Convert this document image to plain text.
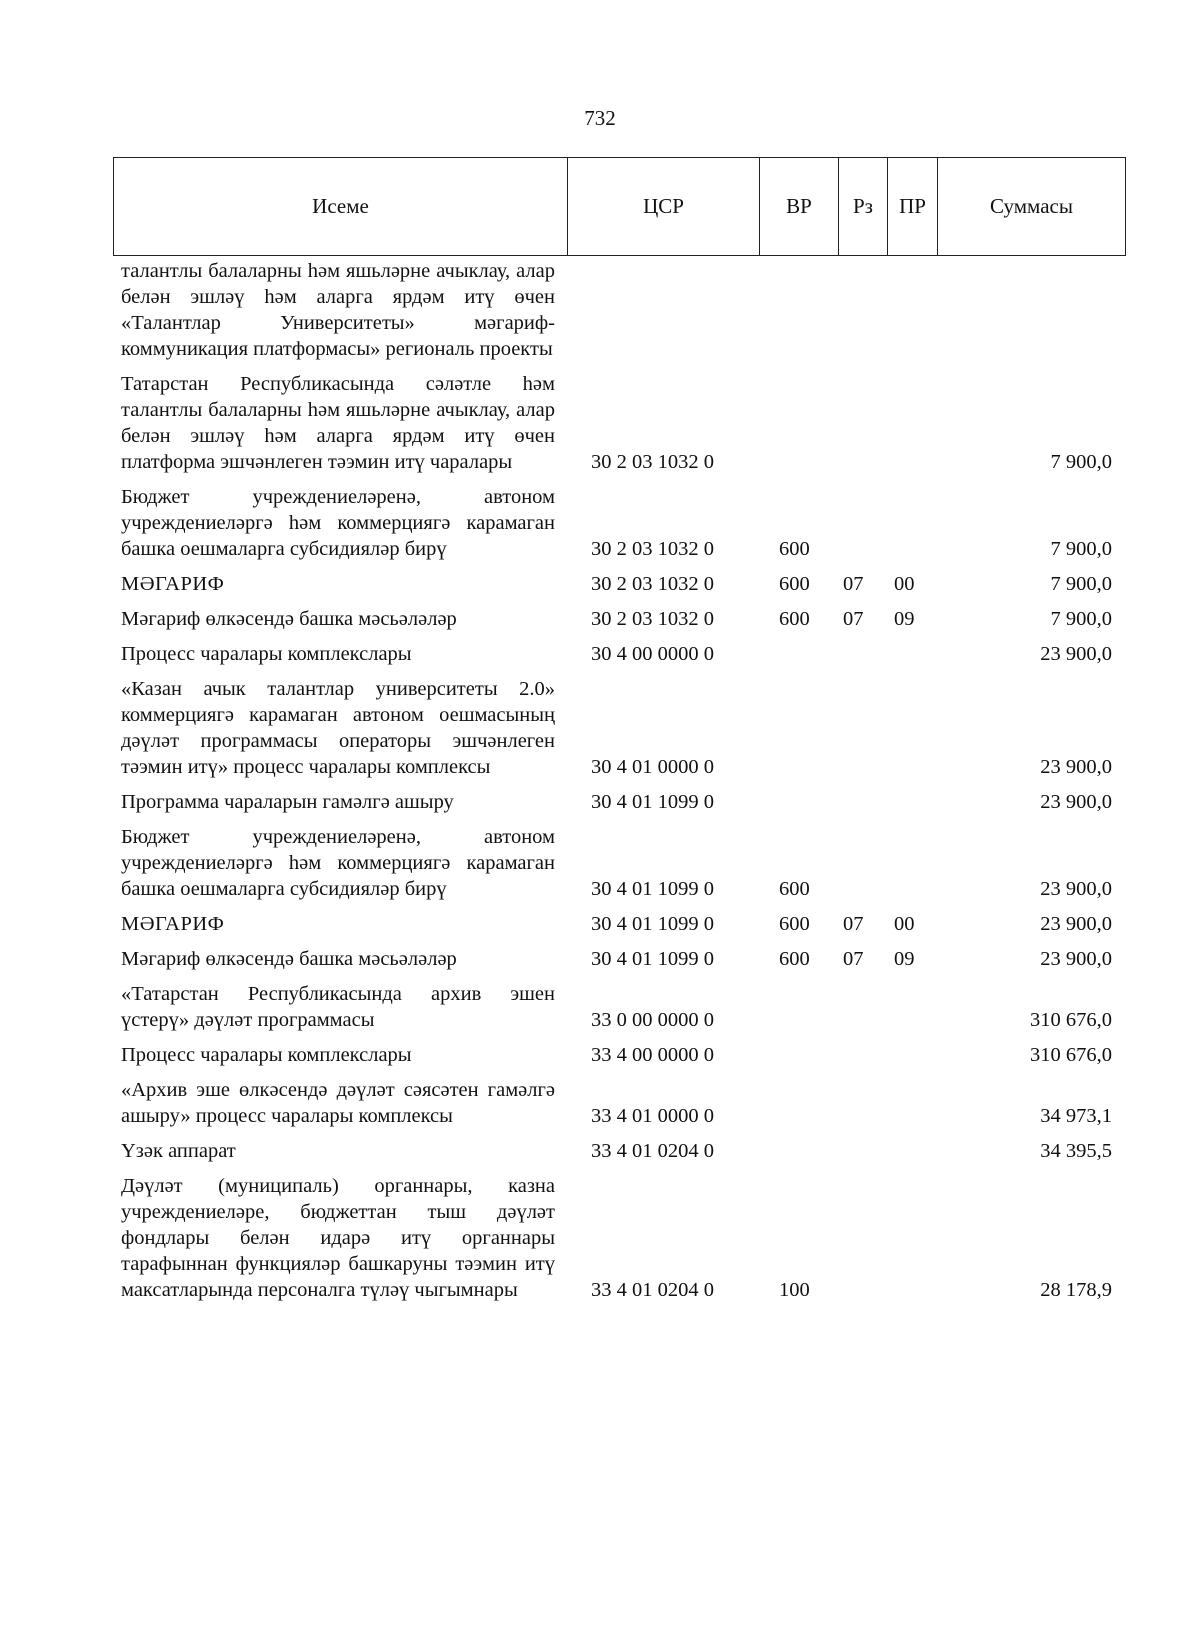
732
Исеме	ЦСР	ВР	Рз	ПР	Суммасы
талантлы балаларны һәм яшьләрне ачыклау, алар белән эшләү һәм аларга ярдәм итү өчен «Талантлар Университеты» мәгариф-коммуникация платформасы» региональ проекты
Татарстан Республикасында сәләтле һәм талантлы балаларны һәм яшьләрне ачыклау, алар белән эшләү һәм аларга ярдәм итү өчен платформа эшчәнлеген тәэмин итү чаралары	30 2 03 1032 0	7 900,0
Бюджет учреждениеләренә, автоном учреждениеләргә һәм коммерциягә карамаган башка оешмаларга субсидияләр бирү	30 2 03 1032 0	600	7 900,0
МӘГАРИФ	30 2 03 1032 0	600 07 00	7 900,0
Мәгариф өлкәсендә башка мәсьәләләр	30 2 03 1032 0	600 07 09	7 900,0
Процесс чаралары комплекслары	30 4 00 0000 0	23 900,0
«Казан ачык талантлар университеты 2.0» коммерциягә карамаган автоном оешмасының дәүләт программасы операторы эшчәнлеген тәэмин итү» процесс чаралары комплексы	30 4 01 0000 0	23 900,0
Программа чараларын гамәлгә ашыру	30 4 01 1099 0	23 900,0
Бюджет учреждениеләренә, автоном учреждениеләргә һәм коммерциягә карамаган башка оешмаларга субсидияләр бирү	30 4 01 1099 0	600	23 900,0
МӘГАРИФ	30 4 01 1099 0	600 07 00	23 900,0
Мәгариф өлкәсендә башка мәсьәләләр	30 4 01 1099 0	600 07 09	23 900,0
«Татарстан Республикасында архив эшен үстерү» дәүләт программасы	33 0 00 0000 0	310 676,0
Процесс чаралары комплекслары	33 4 00 0000 0	310 676,0
«Архив эше өлкәсендә дәүләт сәясәтен гамәлгә ашыру» процесс чаралары комплексы	33 4 01 0000 0	34 973,1
Үзәк аппарат	33 4 01 0204 0	34 395,5
Дәүләт (муниципаль) органнары, казна учреждениеләре, бюджеттан тыш дәүләт фондлары белән идарә итү органнары тарафыннан функцияләр башкаруны тәэмин итү максатларында персоналга түләү чыгымнары	33 4 01 0204 0	100	28 178,9
